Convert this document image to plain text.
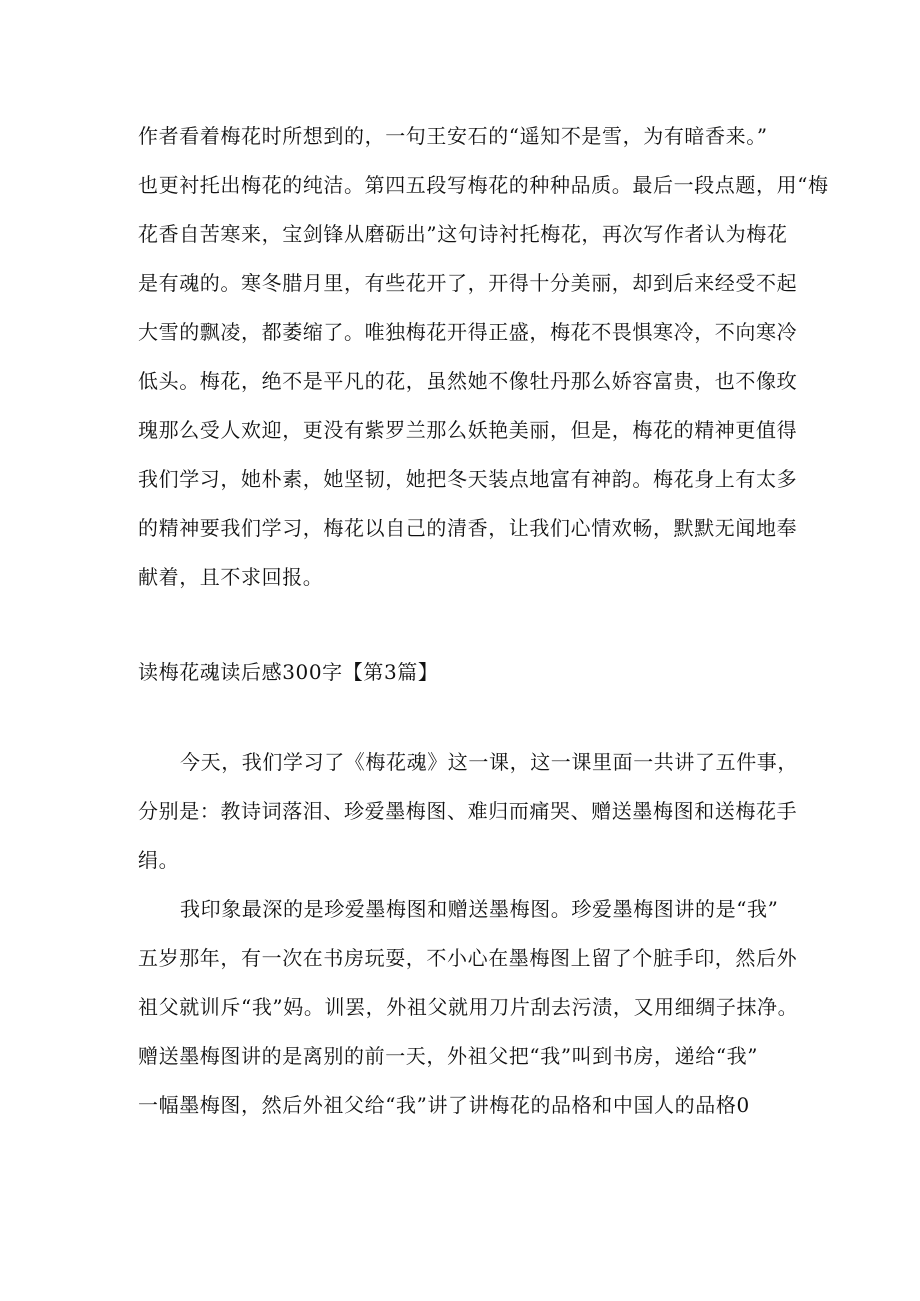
作者看着梅花时所想到的，一句王安石的“遥知不是雪，为有暗香来。”
也更衬托出梅花的纯洁。第四五段写梅花的种种品质。最后一段点题，用“梅
花香自苦寒来，宝剑锋从磨砺出”这句诗衬托梅花，再次写作者认为梅花
是有魂的。寒冬腊月里，有些花开了，开得十分美丽，却到后来经受不起
大雪的飘凌，都萎缩了。唯独梅花开得正盛，梅花不畏惧寒冷，不向寒冷
低头。梅花，绝不是平凡的花，虽然她不像牡丹那么娇容富贵，也不像玫
瑰那么受人欢迎，更没有紫罗兰那么妖艳美丽，但是，梅花的精神更值得
我们学习，她朴素，她坚韧，她把冬天装点地富有神韵。梅花身上有太多
的精神要我们学习，梅花以自己的清香，让我们心情欢畅，默默无闻地奉
献着，且不求回报。
读梅花魂读后感300字【第3篇】
今天，我们学习了《梅花魂》这一课，这一课里面一共讲了五件事，
分别是：教诗词落泪、珍爱墨梅图、难归而痛哭、赠送墨梅图和送梅花手
绢。
我印象最深的是珍爱墨梅图和赠送墨梅图。珍爱墨梅图讲的是“我”
五岁那年，有一次在书房玩耍，不小心在墨梅图上留了个脏手印，然后外
祖父就训斥“我”妈。训罢，外祖父就用刀片刮去污渍，又用细绸子抹净。
赠送墨梅图讲的是离别的前一天，外祖父把“我”叫到书房，递给“我”
一幅墨梅图，然后外祖父给“我”讲了讲梅花的品格和中国人的品格0
